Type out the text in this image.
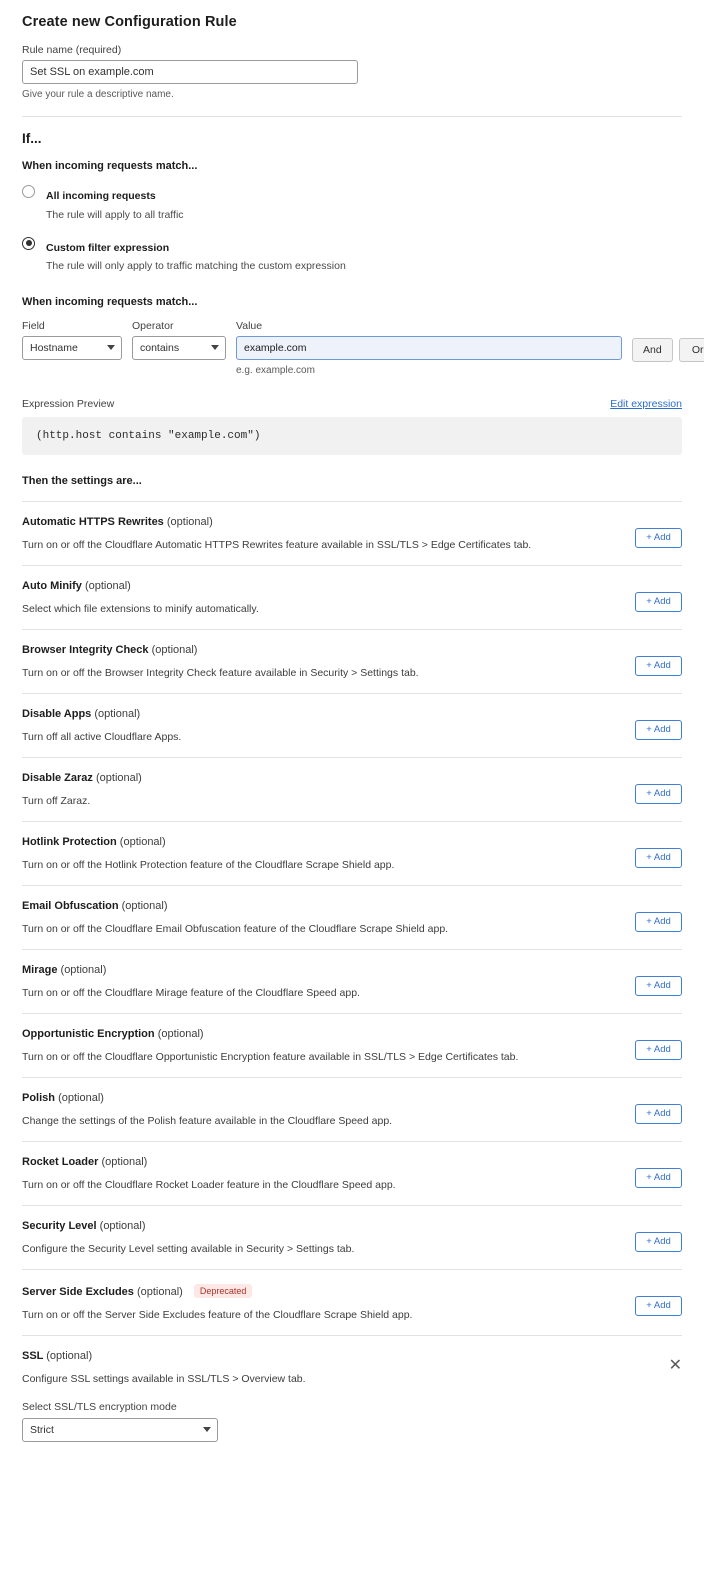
Create new Configuration Rule
Rule name (required)
Set SSL on example.com
Give your rule a descriptive name.
If...
When incoming requests match...
All incoming requests
The rule will apply to all traffic
Custom filter expression
The rule will only apply to traffic matching the custom expression
When incoming requests match...
Field
Hostname	Operator
contains	Value
example.com
e.g. example.com
And	Or
Expression Preview	Edit expression
(http.host contains "example.com")
Then the settings are...
Automatic HTTPS Rewrites (optional)
Turn on or off the Cloudflare Automatic HTTPS Rewrites feature available in SSL/TLS > Edge Certificates tab.
+ Add
Auto Minify (optional)
Select which file extensions to minify automatically.
+ Add
Browser Integrity Check (optional)
Turn on or off the Browser Integrity Check feature available in Security > Settings tab.
+ Add
Disable Apps (optional)
Turn off all active Cloudflare Apps.
+ Add
Disable Zaraz (optional)
Turn off Zaraz.
+ Add
Hotlink Protection (optional)
Turn on or off the Hotlink Protection feature of the Cloudflare Scrape Shield app.
+ Add
Email Obfuscation (optional)
Turn on or off the Cloudflare Email Obfuscation feature of the Cloudflare Scrape Shield app.
+ Add
Mirage (optional)
Turn on or off the Cloudflare Mirage feature of the Cloudflare Speed app.
+ Add
Opportunistic Encryption (optional)
Turn on or off the Cloudflare Opportunistic Encryption feature available in SSL/TLS > Edge Certificates tab.
+ Add
Polish (optional)
Change the settings of the Polish feature available in the Cloudflare Speed app.
+ Add
Rocket Loader (optional)
Turn on or off the Cloudflare Rocket Loader feature in the Cloudflare Speed app.
+ Add
Security Level (optional)
Configure the Security Level setting available in Security > Settings tab.
+ Add
Server Side Excludes (optional) Deprecated
Turn on or off the Server Side Excludes feature of the Cloudflare Scrape Shield app.
+ Add
SSL (optional)
Configure SSL settings available in SSL/TLS > Overview tab.
✕
Select SSL/TLS encryption mode
Strict
